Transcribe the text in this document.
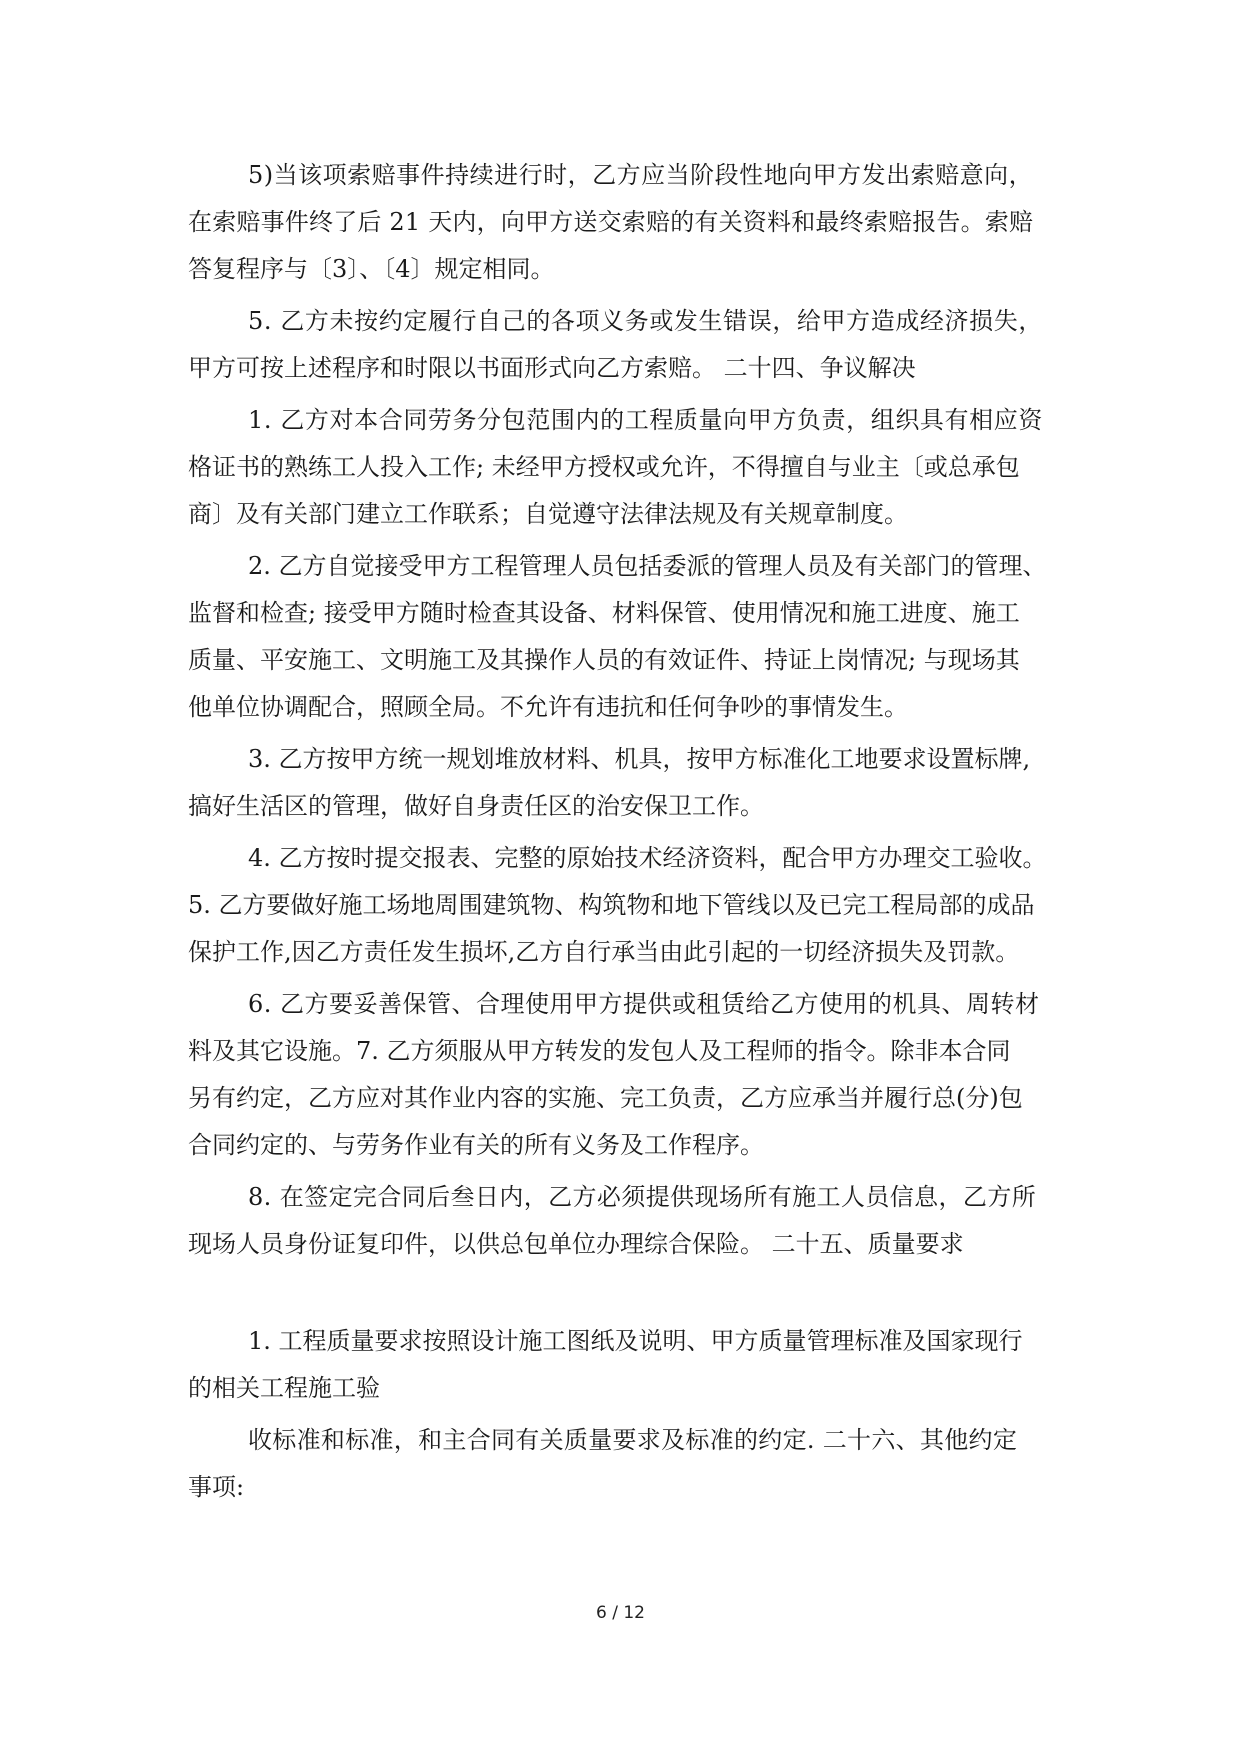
5)当该项索赔事件持续进行时，乙方应当阶段性地向甲方发出索赔意向，
在索赔事件终了后 21 天内，向甲方送交索赔的有关资料和最终索赔报告。索赔
答复程序与〔3〕、〔4〕规定相同。
5. 乙方未按约定履行自己的各项义务或发生错误，给甲方造成经济损失，
甲方可按上述程序和时限以书面形式向乙方索赔。 二十四、争议解决
1. 乙方对本合同劳务分包范围内的工程质量向甲方负责，组织具有相应资
格证书的熟练工人投入工作; 未经甲方授权或允许，不得擅自与业主〔或总承包
商〕及有关部门建立工作联系；自觉遵守法律法规及有关规章制度。
2. 乙方自觉接受甲方工程管理人员包括委派的管理人员及有关部门的管理、
监督和检查; 接受甲方随时检查其设备、材料保管、使用情况和施工进度、施工
质量、平安施工、文明施工及其操作人员的有效证件、持证上岗情况; 与现场其
他单位协调配合，照顾全局。不允许有违抗和任何争吵的事情发生。
3. 乙方按甲方统一规划堆放材料、机具，按甲方标准化工地要求设置标牌,
搞好生活区的管理，做好自身责任区的治安保卫工作。
4. 乙方按时提交报表、完整的原始技术经济资料，配合甲方办理交工验收。
5. 乙方要做好施工场地周围建筑物、构筑物和地下管线以及已完工程局部的成品
保护工作,因乙方责任发生损坏,乙方自行承当由此引起的一切经济损失及罚款。
6. 乙方要妥善保管、合理使用甲方提供或租赁给乙方使用的机具、周转材
料及其它设施。7. 乙方须服从甲方转发的发包人及工程师的指令。除非本合同
另有约定，乙方应对其作业内容的实施、完工负责，乙方应承当并履行总(分)包
合同约定的、与劳务作业有关的所有义务及工作程序。
8. 在签定完合同后叁日内，乙方必须提供现场所有施工人员信息，乙方所
现场人员身份证复印件，以供总包单位办理综合保险。 二十五、质量要求
1. 工程质量要求按照设计施工图纸及说明、甲方质量管理标准及国家现行
的相关工程施工验
收标准和标准，和主合同有关质量要求及标准的约定. 二十六、其他约定
事项:
6 / 12
